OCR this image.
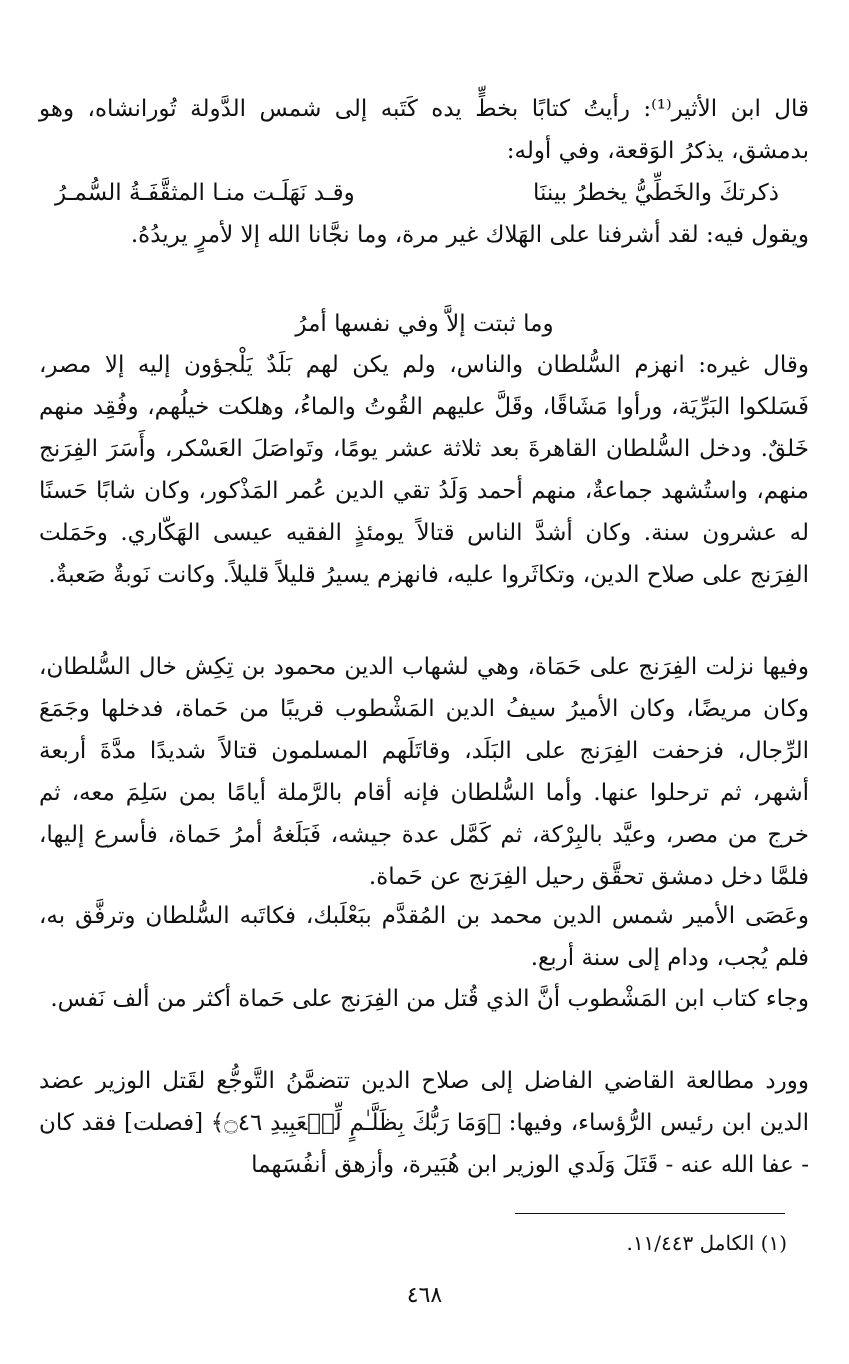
قال ابن الأثير⁽¹⁾: رأيتُ كتابًا بخطٍّ يده كَتَبه إلى شمس الدَّولة تُورانشاه، وهو بدمشق، يذكرُ الوَقعة، وفي أوله:

ذكرتكَ والخَطِّيُّ يخطرُ بيننَا

وقـد نَهَلَـت منـا المثقَّفَـةُ السُّمـرُ

ويقول فيه: لقد أشرفنا على الهَلاك غير مرة، وما نجَّانا الله إلا لأمرٍ يريدُهُ.

وما ثبتت إلاَّ وفي نفسها أمرُ

وقال غيره: انهزم السُّلطان والناس، ولم يكن لهم بَلَدٌ يَلْجؤون إليه إلا مصر، فَسَلكوا البَرِّيَة، ورأوا مَشَاقًا، وقَلَّ عليهم القُوتُ والماءُ، وهلكت خيلُهم، وفُقِد منهم خَلقٌ. ودخل السُّلطان القاهرةَ بعد ثلاثة عشر يومًا، وتَواصَلَ العَسْكر، وأَسَرَ الفِرَنج منهم، واستُشهد جماعةٌ، منهم أحمد وَلَدُ تقي الدين عُمر المَذْكور، وكان شابًا حَسنًا له عشرون سنة. وكان أشدَّ الناس قتالاً يومئذٍ الفقيه عيسى الهَكّاري. وحَمَلت الفِرَنج على صلاح الدين، وتكاثَروا عليه، فانهزم يسيرُ قليلاً قليلاً. وكانت نَوبةٌ صَعبةٌ.

وفيها نزلت الفِرَنج على حَمَاة، وهي لشهاب الدين محمود بن تِكِش خال السُّلطان، وكان مريضًا، وكان الأميرُ سيفُ الدين المَشْطوب قريبًا من حَماة، فدخلها وجَمَعَ الرِّجال، فزحفت الفِرَنج على البَلَد، وقاتَلَهم المسلمون قتالاً شديدًا مدَّةَ أربعة أشهر، ثم ترحلوا عنها. وأما السُّلطان فإنه أقام بالرَّملة أيامًا بمن سَلِمَ معه، ثم خرج من مصر، وعيَّد بالبِرْكة، ثم كَمَّل عدة جيشه، فَبَلَغهُ أمرُ حَماة، فأسرع إليها، فلمَّا دخل دمشق تحقَّق رحيل الفِرَنج عن حَماة.

وعَصَى الأمير شمس الدين محمد بن المُقدَّم ببَعْلَبك، فكاتَبه السُّلطان وترفَّق به، فلم يُجب، ودام إلى سنة أربع.

وجاء كتاب ابن المَشْطوب أنَّ الذي قُتل من الفِرَنج على حَماة أكثر من ألف نَفس.

وورد مطالعة القاضي الفاضل إلى صلاح الدين تتضمَّنُ التَّوجُّع لقَتل الوزير عضد الدين ابن رئيس الرُّؤساء، وفيها: ﴿وَمَا رَبُّكَ بِظَلَّـٰمٍ لِّلۡعَبِيدِ ۝٤٦﴾ [فصلت] فقد كان - عفا الله عنه - قَتَلَ وَلَدي الوزير ابن هُبَيرة، وأزهق أنفُسَهما

(١) الكامل ١١/٤٤٣.

٤٦٨
